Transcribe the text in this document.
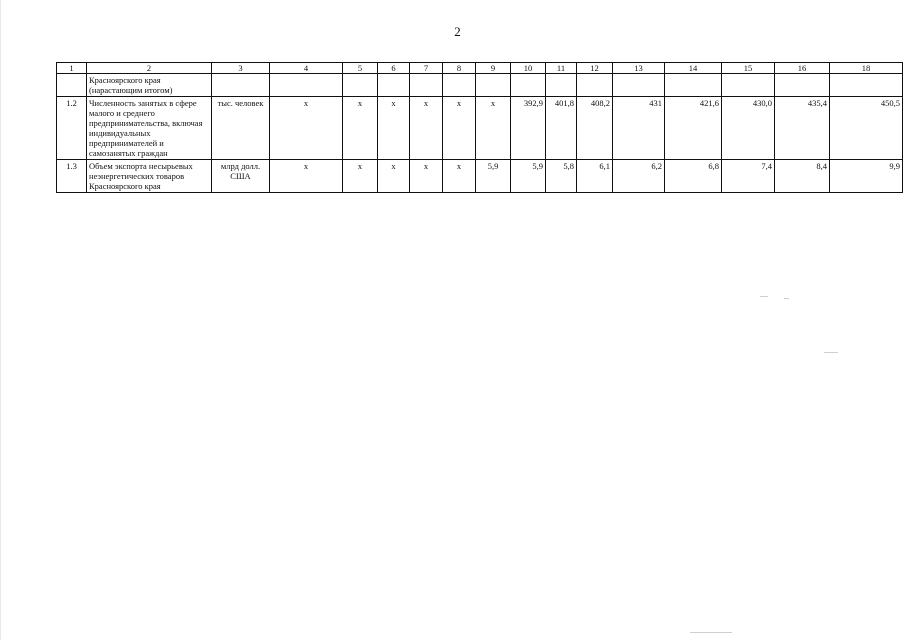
2
1	2	3	4	5	6	7	8	9	10	11	12	13	14	15	16	18
	Красноярского края (нарастающим итогом)															
1.2	Численность занятых в сфере малого и среднего предпринимательства, включая индивидуальных предпринимателей и самозанятых граждан	тыс. человек	x	x	x	x	x	x	392,9	401,8	408,2	431	421,6	430,0	435,4	450,5
1.3	Объем экспорта несырьевых неэнергетических товаров Красноярского края	млрд долл. США	x	x	x	x	x	5,9	5,9	5,8	6,1	6,2	6,8	7,4	8,4	9,9
